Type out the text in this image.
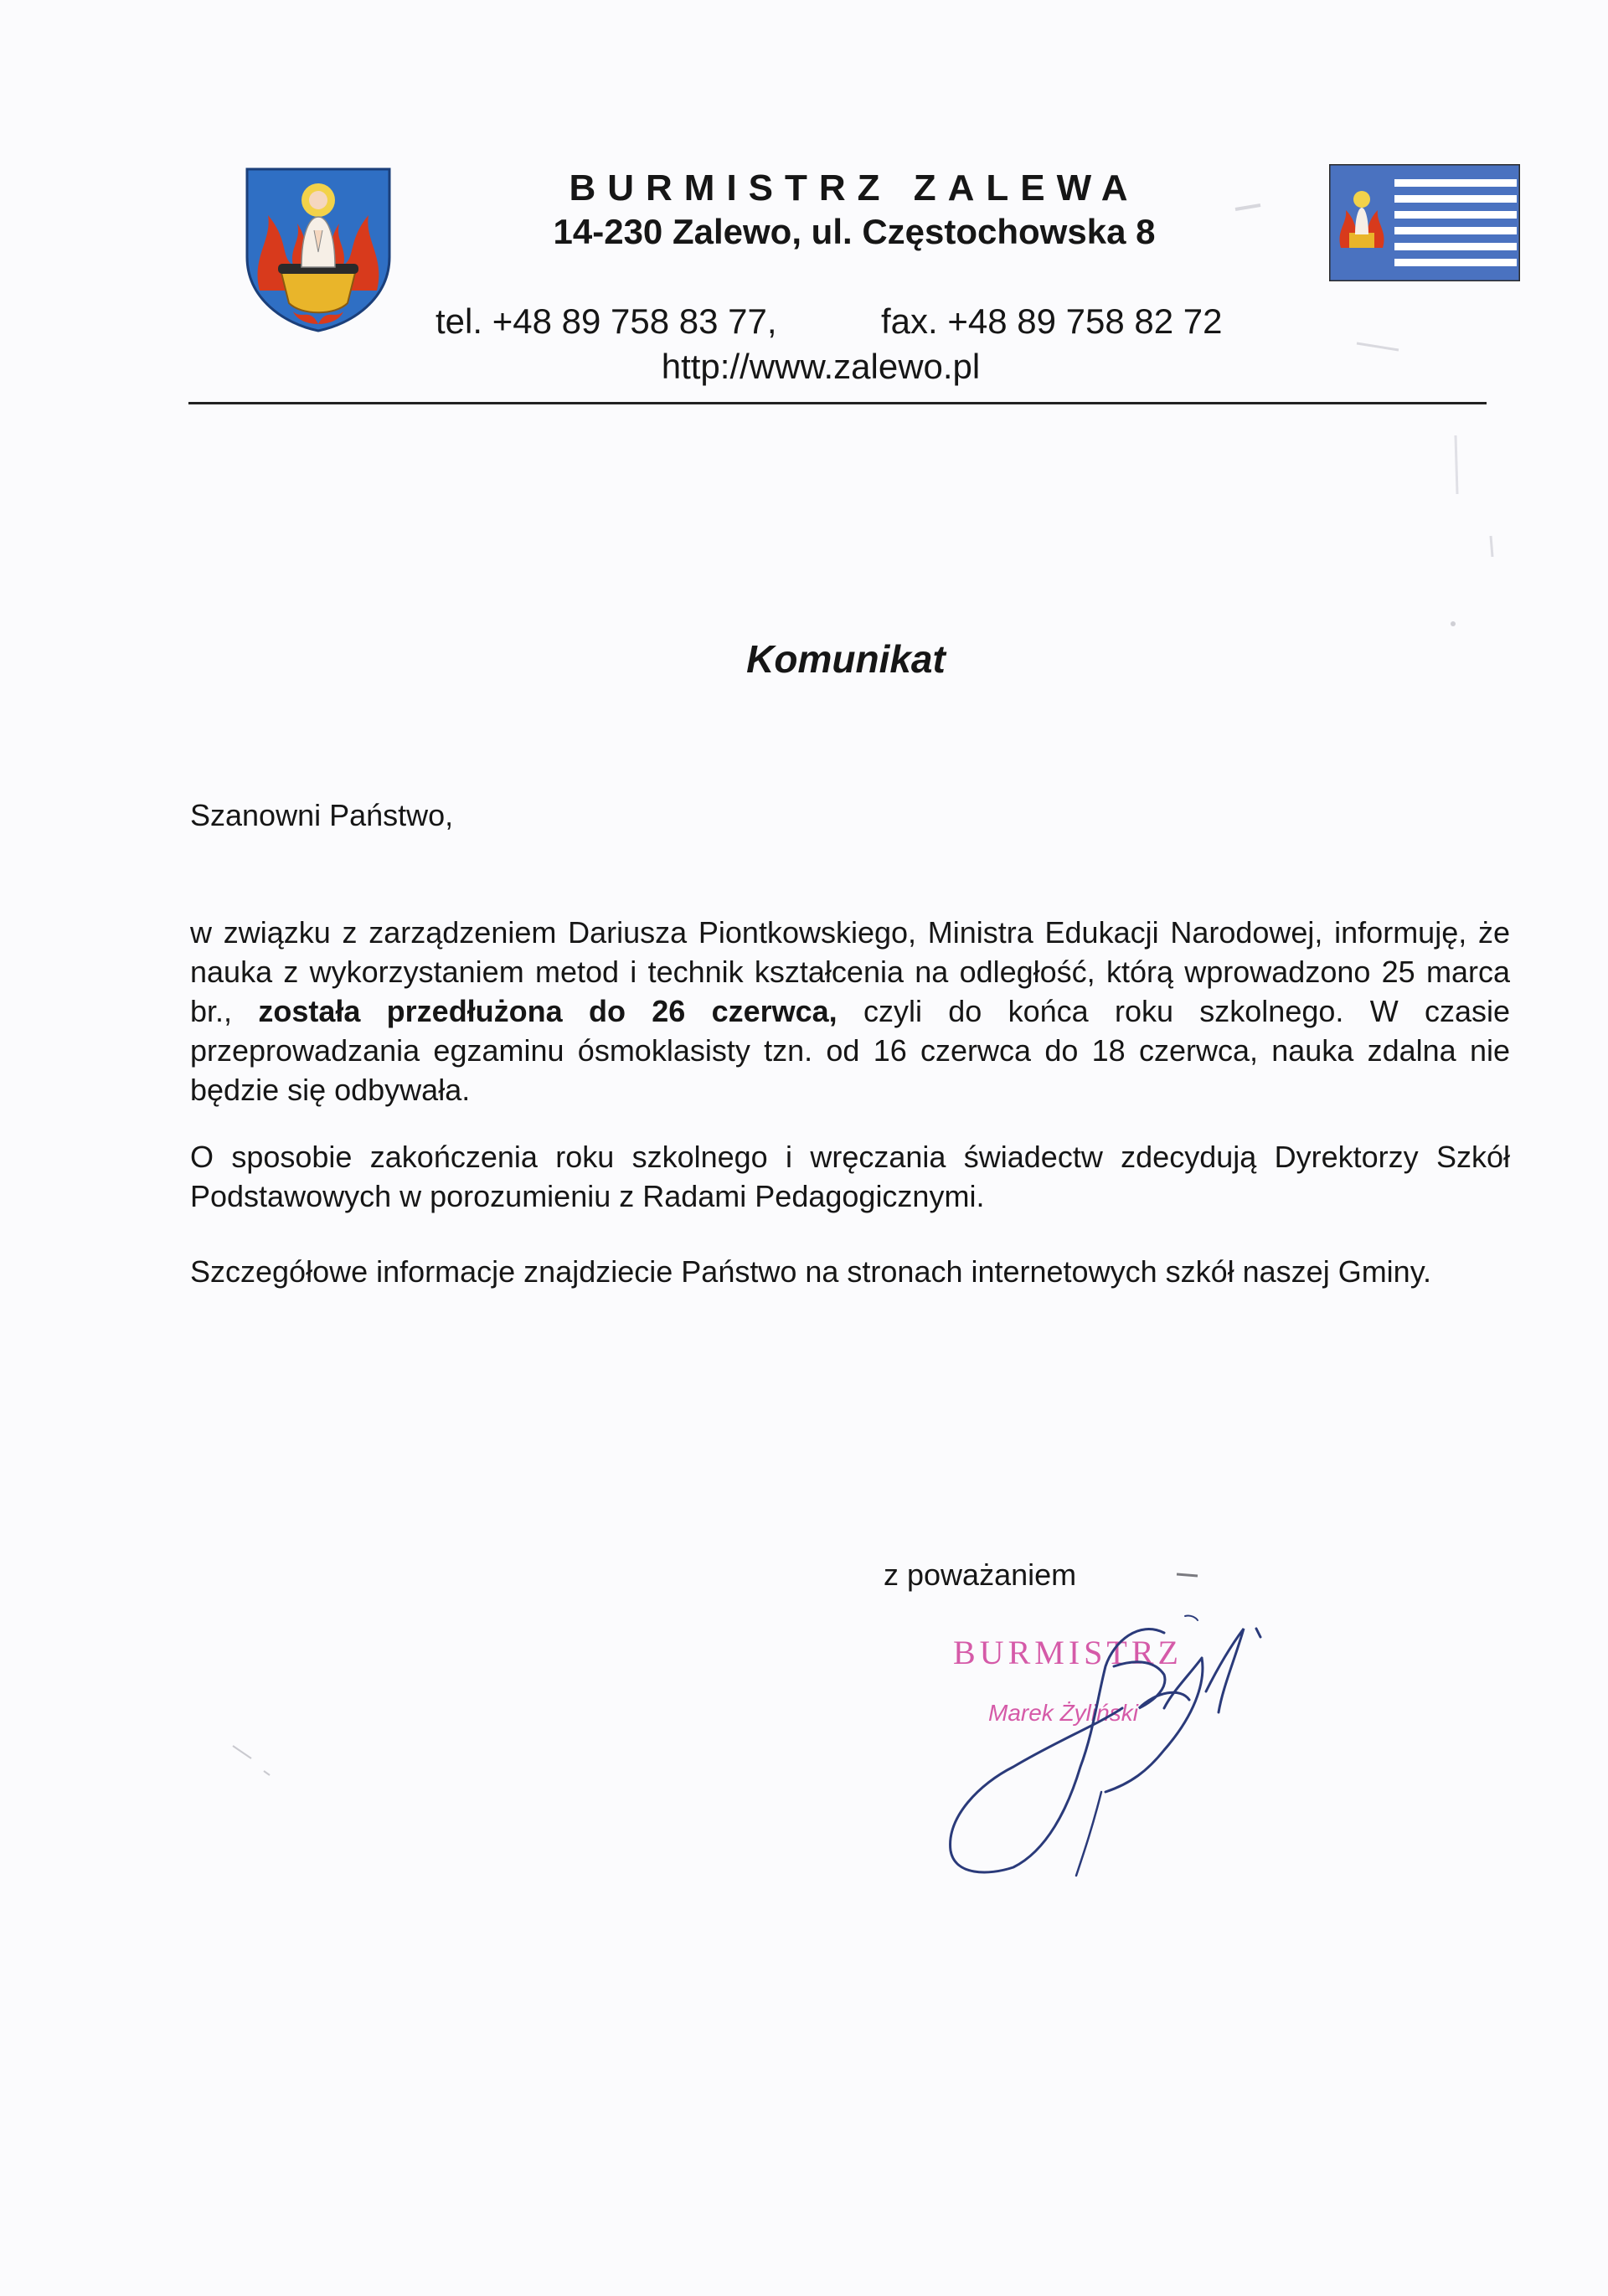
BURMISTRZ ZALEWA
14-230 Zalewo, ul. Częstochowska 8
tel. +48 89 758 83 77,	fax. +48 89 758 82 72
http://www.zalewo.pl
Komunikat
Szanowni Państwo,
w związku z zarządzeniem Dariusza Piontkowskiego, Ministra Edukacji Narodowej, informuję, że nauka z wykorzystaniem metod i technik kształcenia na odległość, którą wprowadzono 25 marca br., została przedłużona do 26 czerwca, czyli do końca roku szkolnego. W czasie przeprowadzania egzaminu ósmoklasisty tzn. od 16 czerwca do 18 czerwca, nauka zdalna nie będzie się odbywała.
O sposobie zakończenia roku szkolnego i wręczania świadectw zdecydują Dyrektorzy Szkół Podstawowych w porozumieniu z Radami Pedagogicznymi.
Szczegółowe informacje znajdziecie Państwo na stronach internetowych szkół naszej Gminy.
z poważaniem
BURMISTRZ
Marek Żyliński
